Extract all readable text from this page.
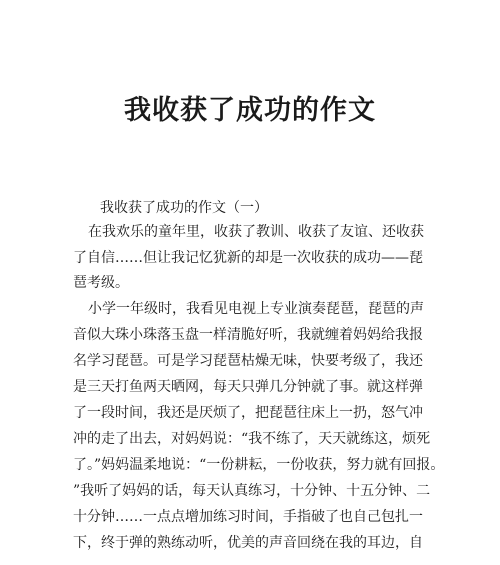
我收获了成功的作文
我收获了成功的作文（一）
在我欢乐的童年里，收获了教训、收获了友谊、还收获
了自信……但让我记忆犹新的却是一次收获的成功——琵
琶考级。
小学一年级时，我看见电视上专业演奏琵琶，琵琶的声
音似大珠小珠落玉盘一样清脆好听，我就缠着妈妈给我报
名学习琵琶。可是学习琵琶枯燥无味，快要考级了，我还
是三天打鱼两天晒网，每天只弹几分钟就了事。就这样弹
了一段时间，我还是厌烦了，把琵琶往床上一扔，怒气冲
冲的走了出去，对妈妈说：“我不练了，天天就练这，烦死
了。”妈妈温柔地说：“一份耕耘，一份收获，努力就有回报。
”我听了妈妈的话，每天认真练习，十分钟、十五分钟、二
十分钟……一点点增加练习时间，手指破了也自己包扎一
下，终于弹的熟练动听，优美的声音回绕在我的耳边，自
